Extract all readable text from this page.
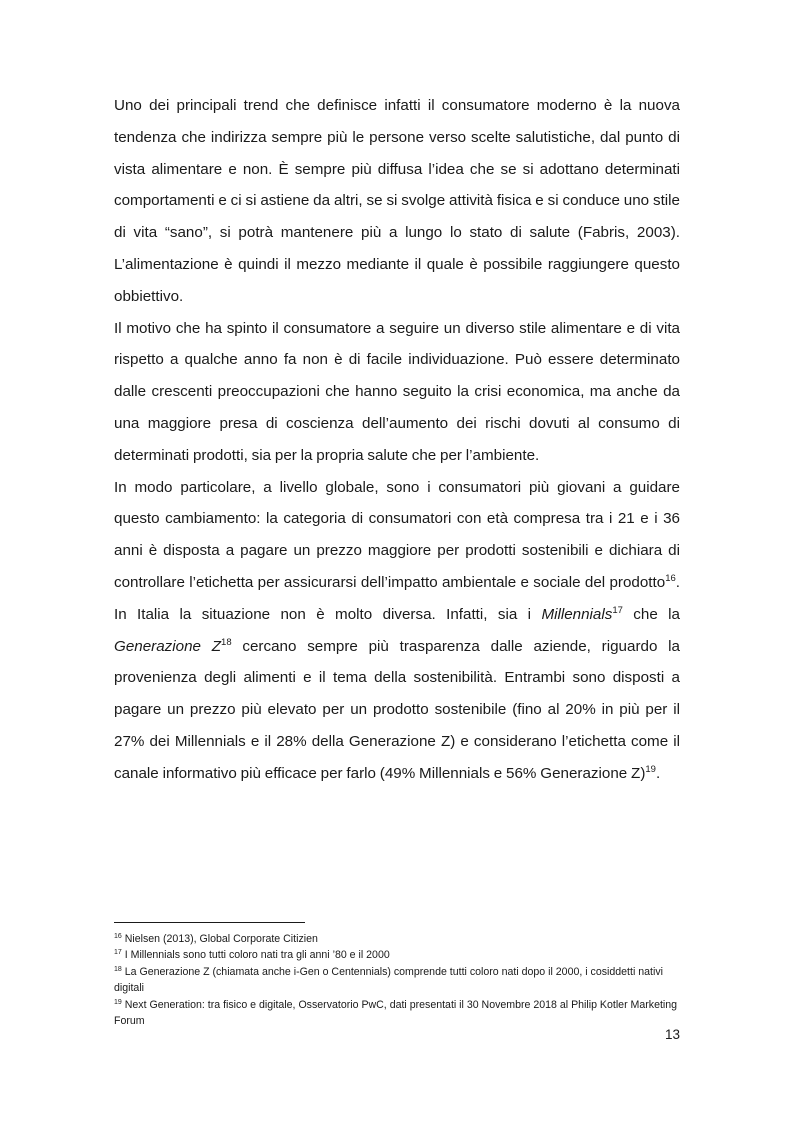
Uno dei principali trend che definisce infatti il consumatore moderno è la nuova tendenza che indirizza sempre più le persone verso scelte salutistiche, dal punto di vista alimentare e non. È sempre più diffusa l’idea che se si adottano determinati comportamenti e ci si astiene da altri, se si svolge attività fisica e si conduce uno stile di vita “sano”, si potrà mantenere più a lungo lo stato di salute (Fabris, 2003). L’alimentazione è quindi il mezzo mediante il quale è possibile raggiungere questo obbiettivo.

Il motivo che ha spinto il consumatore a seguire un diverso stile alimentare e di vita rispetto a qualche anno fa non è di facile individuazione. Può essere determinato dalle crescenti preoccupazioni che hanno seguito la crisi economica, ma anche da una maggiore presa di coscienza dell’aumento dei rischi dovuti al consumo di determinati prodotti, sia per la propria salute che per l’ambiente.

In modo particolare, a livello globale, sono i consumatori più giovani a guidare questo cambiamento: la categoria di consumatori con età compresa tra i 21 e i 36 anni è disposta a pagare un prezzo maggiore per prodotti sostenibili e dichiara di controllare l’etichetta per assicurarsi dell’impatto ambientale e sociale del prodotto$^{16}$. In Italia la situazione non è molto diversa. Infatti, sia i Millennials$^{17}$ che la Generazione $Z^{18}$ cercano sempre più trasparenza dalle aziende, riguardo la provenienza degli alimenti e il tema della sostenibilità. Entrambi sono disposti a pagare un prezzo più elevato per un prodotto sostenibile (fino al 20% in più per il 27% dei Millennials e il 28% della Generazione Z) e considerano l’etichetta come il canale informativo più efficace per farlo (49% Millennials e 56% Generazione Z)$^{19}$.

$^{16}$ Nielsen (2013), Global Corporate Citizien
$^{17}$ I Millennials sono tutti coloro nati tra gli anni ’80 e il 2000
$^{18}$ La Generazione Z (chiamata anche i-Gen o Centennials) comprende tutti coloro nati dopo il 2000, i cosiddetti nativi digitali
$^{19}$ Next Generation: tra fisico e digitale, Osservatorio PwC, dati presentati il 30 Novembre 2018 al Philip Kotler Marketing Forum
13
